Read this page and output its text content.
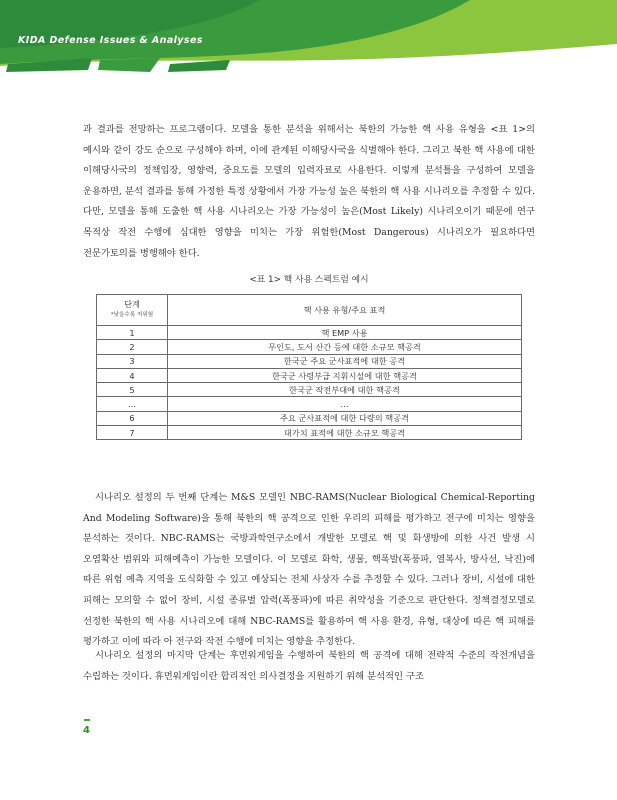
KIDA Defense Issues & Analyses

과 결과를 전망하는 프로그램이다. 모델을 통한 분석을 위해서는 북한의 가능한 핵 사용 유형을 <표 1>의 예시와 같이 강도 순으로 구성해야 하며, 이에 관계된 이해당사국을 식별해야 한다. 그리고 북한 핵 사용에 대한 이해당사국의 정책입장, 영향력, 중요도를 모델의 입력자료로 사용한다. 이렇게 분석틀을 구성하여 모델을 운용하면, 분석 결과를 통해 가정한 특정 상황에서 가장 가능성 높은 북한의 핵 사용 시나리오를 추정할 수 있다. 다만, 모델을 통해 도출한 핵 사용 시나리오는 가장 가능성이 높은(Most Likely) 시나리오이기 때문에 연구 목적상 작전 수행에 심대한 영향을 미치는 가장 위험한(Most Dangerous) 시나리오가 필요하다면 전문가토의를 병행해야 한다.

<표 1> 핵 사용 스펙트럼 예시
단계
*낮을수록 저위험	핵 사용 유형/주요 표적
1	핵 EMP 사용
2	무인도, 도서 산간 등에 대한 소규모 핵공격
3	한국군 주요 군사표적에 대한 공격
4	한국군 사령부급 지휘시설에 대한 핵공격
5	한국군 작전부대에 대한 핵공격
…	…
6	주요 군사표적에 대한 다량의 핵공격
7	대가치 표적에 대한 소규모 핵공격

시나리오 설정의 두 번째 단계는 M&S 모델인 NBC-RAMS(Nuclear Biological Chemical-Reporting And Modeling Software)을 통해 북한의 핵 공격으로 인한 우리의 피해를 평가하고 전구에 미치는 영향을 분석하는 것이다. NBC-RAMS는 국방과학연구소에서 개발한 모델로 핵 및 화생방에 의한 사건 발생 시 오염확산 범위와 피해예측이 가능한 모델이다. 이 모델로 화학, 생물, 핵폭발(폭풍파, 열복사, 방사선, 낙진)에 따른 위험 예측 지역을 도식화할 수 있고 예상되는 전체 사상자 수를 추정할 수 있다. 그러나 장비, 시설에 대한 피해는 모의할 수 없어 장비, 시설 종류별 압력(폭풍파)에 따른 취약성을 기준으로 판단한다. 정책결정모델로 선정한 북한의 핵 사용 시나리오에 대해 NBC-RAMS를 활용하여 핵 사용 환경, 유형, 대상에 따른 핵 피해를 평가하고 이에 따라 아 전구와 작전 수행에 미치는 영향을 추정한다.

시나리오 설정의 마지막 단계는 후먼워게임을 수행하여 북한의 핵 공격에 대해 전략적 수준의 작전개념을 수립하는 것이다. 휴먼워게임이란 합리적인 의사결정을 지원하기 위해 분석적인 구조

4
